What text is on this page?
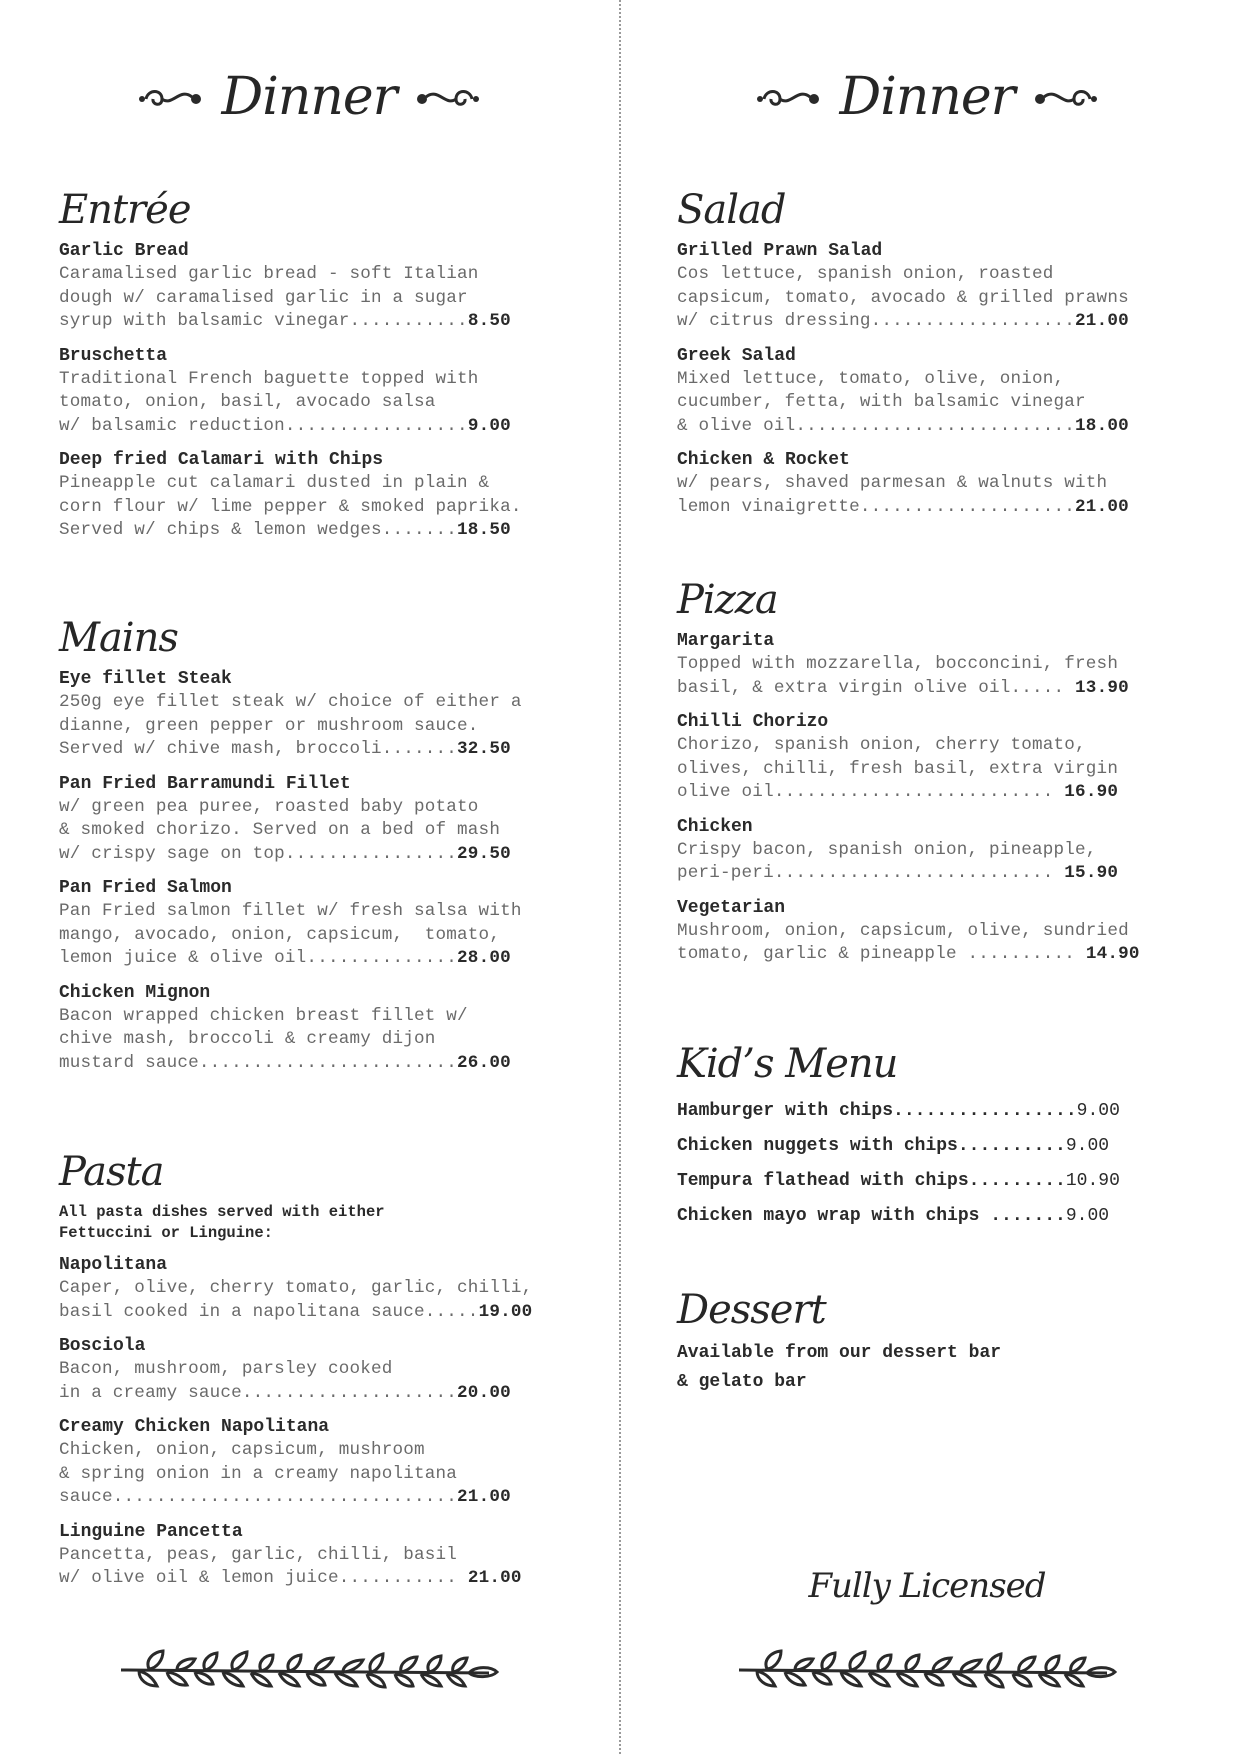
Dinner
Entrée
Garlic Bread
Caramalised garlic bread - soft Italian
dough w/ caramalised garlic in a sugar
syrup with balsamic vinegar...........8.50
Bruschetta
Traditional French baguette topped with
tomato, onion, basil, avocado salsa
w/ balsamic reduction.................9.00
Deep fried Calamari with Chips
Pineapple cut calamari dusted in plain &
corn flour w/ lime pepper & smoked paprika.
Served w/ chips & lemon wedges.......18.50
Mains
Eye fillet Steak
250g eye fillet steak w/ choice of either a
dianne, green pepper or mushroom sauce.
Served w/ chive mash, broccoli.......32.50
Pan Fried Barramundi Fillet
w/ green pea puree, roasted baby potato
& smoked chorizo. Served on a bed of mash
w/ crispy sage on top................29.50
Pan Fried Salmon
Pan Fried salmon fillet w/ fresh salsa with
mango, avocado, onion, capsicum,  tomato,
lemon juice & olive oil..............28.00
Chicken Mignon
Bacon wrapped chicken breast fillet w/
chive mash, broccoli & creamy dijon
mustard sauce........................26.00
Pasta
All pasta dishes served with either
Fettuccini or Linguine:
Napolitana
Caper, olive, cherry tomato, garlic, chilli,
basil cooked in a napolitana sauce.....19.00
Bosciola
Bacon, mushroom, parsley cooked
in a creamy sauce....................20.00
Creamy Chicken Napolitana
Chicken, onion, capsicum, mushroom
& spring onion in a creamy napolitana
sauce................................21.00
Linguine Pancetta
Pancetta, peas, garlic, chilli, basil
w/ olive oil & lemon juice........... 21.00
Dinner
Salad
Grilled Prawn Salad
Cos lettuce, spanish onion, roasted
capsicum, tomato, avocado & grilled prawns
w/ citrus dressing...................21.00
Greek Salad
Mixed lettuce, tomato, olive, onion,
cucumber, fetta, with balsamic vinegar
& olive oil..........................18.00
Chicken & Rocket
w/ pears, shaved parmesan & walnuts with
lemon vinaigrette....................21.00
Pizza
Margarita
Topped with mozzarella, bocconcini, fresh
basil, & extra virgin olive oil..... 13.90
Chilli Chorizo
Chorizo, spanish onion, cherry tomato,
olives, chilli, fresh basil, extra virgin
olive oil.......................... 16.90
Chicken
Crispy bacon, spanish onion, pineapple,
peri-peri.......................... 15.90
Vegetarian
Mushroom, onion, capsicum, olive, sundried
tomato, garlic & pineapple .......... 14.90
Kid’s Menu
Hamburger with chips.................9.00
Chicken nuggets with chips..........9.00
Tempura flathead with chips.........10.90
Chicken mayo wrap with chips .......9.00
Dessert
Available from our dessert bar
& gelato bar
Fully Licensed
